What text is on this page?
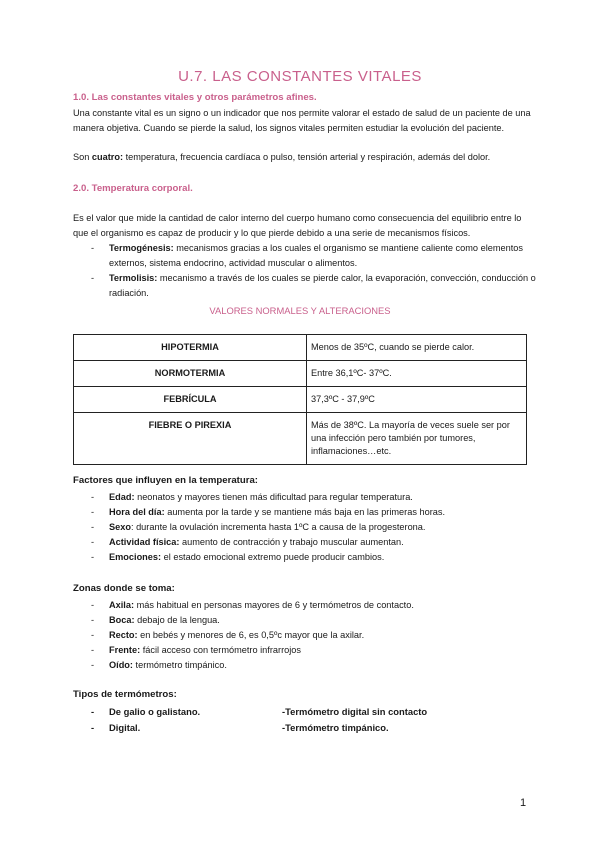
U.7. LAS CONSTANTES VITALES
1.0. Las constantes vitales y otros parámetros afines.
Una constante vital es un signo o un indicador que nos permite valorar el estado de salud de un paciente de una manera objetiva. Cuando se pierde la salud, los signos vitales permiten estudiar la evolución del paciente.
Son cuatro: temperatura, frecuencia cardíaca o pulso, tensión arterial y respiración, además del dolor.
2.0. Temperatura corporal.
Es el valor que mide la cantidad de calor interno del cuerpo humano como consecuencia del equilibrio entre lo que el organismo es capaz de producir y lo que pierde debido a una serie de mecanismos físicos.
- Termogénesis: mecanismos gracias a los cuales el organismo se mantiene caliente como elementos externos, sistema endocrino, actividad muscular o alimentos.
- Termolisis: mecanismo a través de los cuales se pierde calor, la evaporación, convección, conducción o radiación.
VALORES NORMALES Y ALTERACIONES
HIPOTERMIA	Menos de 35ºC, cuando se pierde calor.
NORMOTERMIA	Entre 36,1ºC- 37ºC.
FEBRÍCULA	37,3ºC - 37,9ºC
FIEBRE O PIREXIA	Más de 38ºC. La mayoría de veces suele ser por una infección pero también por tumores, inflamaciones…etc.
Factores que influyen en la temperatura:
- Edad: neonatos y mayores tienen más dificultad para regular temperatura.
- Hora del día: aumenta por la tarde y se mantiene más baja en las primeras horas.
- Sexo: durante la ovulación incrementa hasta 1ºC a causa de la progesterona.
- Actividad física: aumento de contracción y trabajo muscular aumentan.
- Emociones: el estado emocional extremo puede producir cambios.
Zonas donde se toma:
- Axila: más habitual en personas mayores de 6 y termómetros de contacto.
- Boca: debajo de la lengua.
- Recto: en bebés y menores de 6, es 0,5ºc mayor que la axilar.
- Frente: fácil acceso con termómetro infrarrojos
- Oído: termómetro timpánico.
Tipos de termómetros:
- De galio o galistano.	-Termómetro digital sin contacto
- Digital.	-Termómetro timpánico.
1
